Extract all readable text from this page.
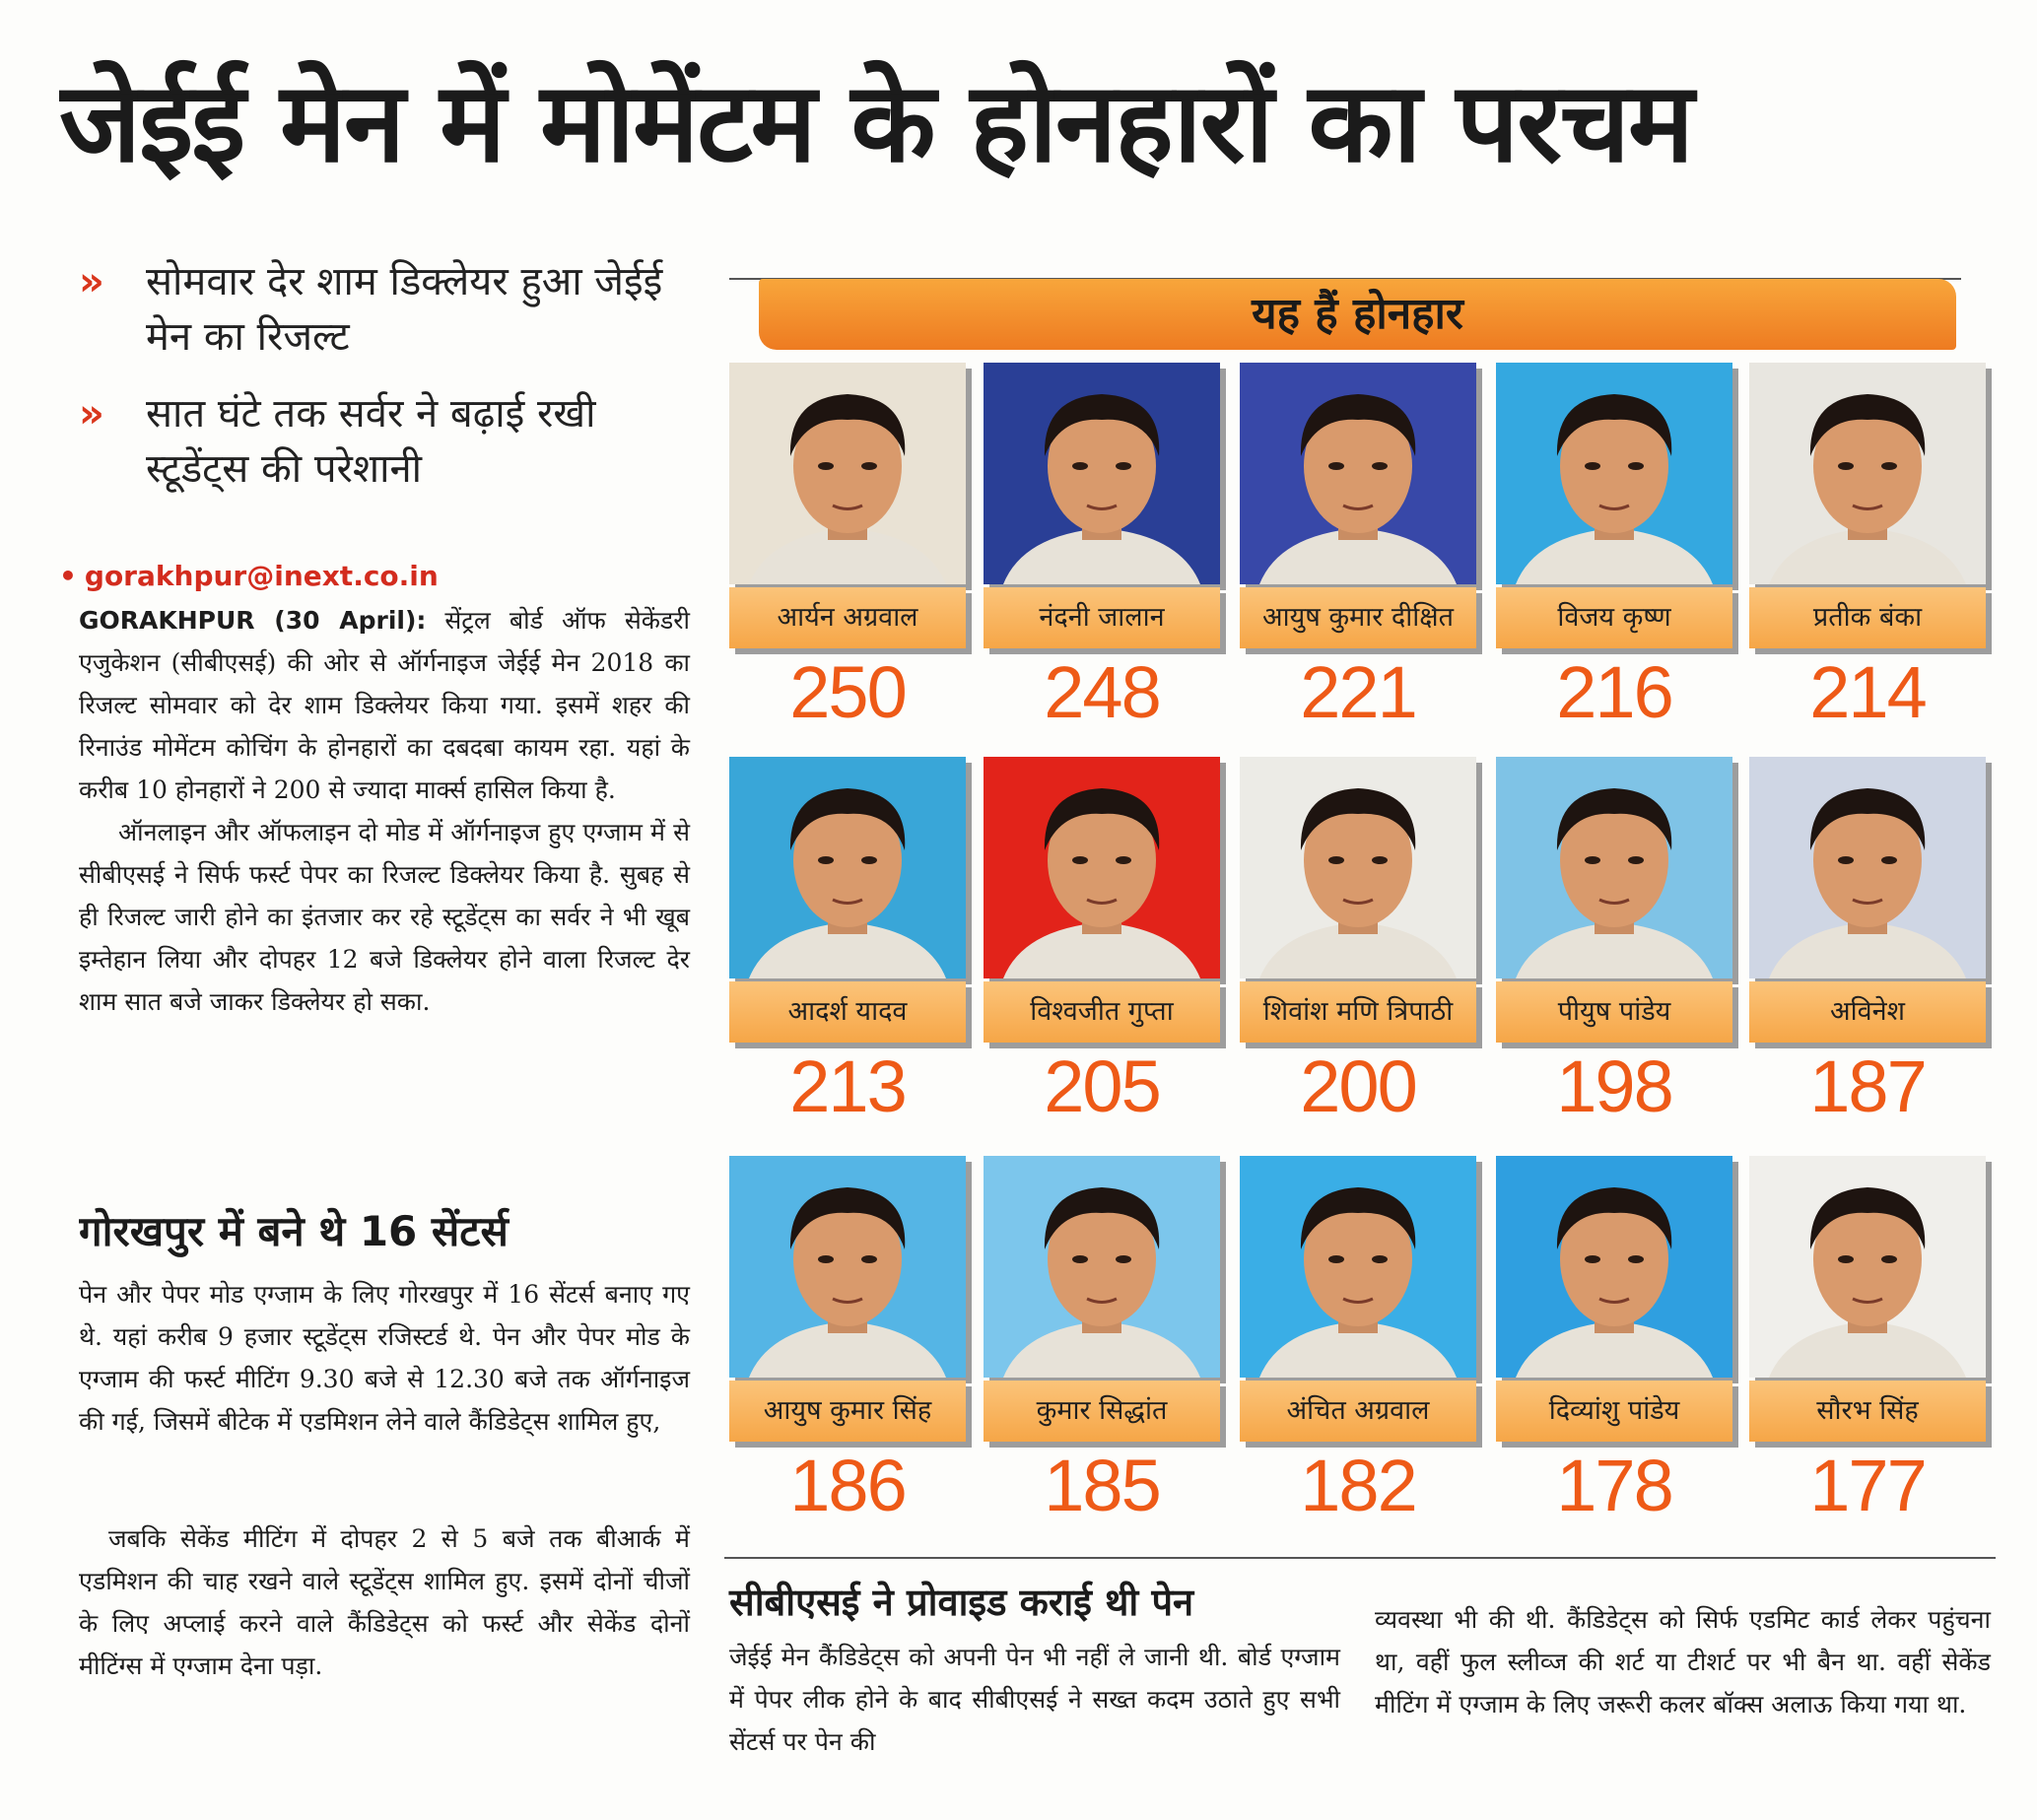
जेईई मेन में मोमेंटम के होनहारों का परचम
» सोमवार देर शाम डिक्लेयर हुआ जेईई मेन का रिजल्ट
» सात घंटे तक सर्वर ने बढ़ाई रखी स्टूडेंट्स की परेशानी
• gorakhpur@inext.co.in

GORAKHPUR (30 April): सेंट्रल बोर्ड ऑफ सेकेंडरी एजुकेशन (सीबीएसई) की ओर से ऑर्गनाइज जेईई मेन 2018 का रिजल्ट सोमवार को देर शाम डिक्लेयर किया गया. इसमें शहर की रिनाउंड मोमेंटम कोचिंग के होनहारों का दबदबा कायम रहा. यहां के करीब 10 होनहारों ने 200 से ज्यादा मार्क्स हासिल किया है.

ऑनलाइन और ऑफलाइन दो मोड में ऑर्गनाइज हुए एग्जाम में से सीबीएसई ने सिर्फ फर्स्ट पेपर का रिजल्ट डिक्लेयर किया है. सुबह से ही रिजल्ट जारी होने का इंतजार कर रहे स्टूडेंट्स का सर्वर ने भी खूब इम्तेहान लिया और दोपहर 12 बजे डिक्लेयर होने वाला रिजल्ट देर शाम सात बजे जाकर डिक्लेयर हो सका.

गोरखपुर में बने थे 16 सेंटर्स
पेन और पेपर मोड एग्जाम के लिए गोरखपुर में 16 सेंटर्स बनाए गए थे. यहां करीब 9 हजार स्टूडेंट्स रजिस्टर्ड थे. पेन और पेपर मोड के एग्जाम की फर्स्ट मीटिंग 9.30 बजे से 12.30 बजे तक ऑर्गनाइज की गई, जिसमें बीटेक में एडमिशन लेने वाले कैंडिडेट्स शामिल हुए,
जबकि सेकेंड मीटिंग में दोपहर 2 से 5 बजे तक बीआर्क में एडमिशन की चाह रखने वाले स्टूडेंट्स शामिल हुए. इसमें दोनों चीजों के लिए अप्लाई करने वाले कैंडिडेट्स को फर्स्ट और सेकेंड दोनों मीटिंग्स में एग्जाम देना पड़ा.
यह हैं होनहार
आर्यन अग्रवाल
250
नंदनी जालान
248
आयुष कुमार दीक्षित
221
विजय कृष्ण
216
प्रतीक बंका
214
आदर्श यादव
213
विश्वजीत गुप्ता
205
शिवांश मणि त्रिपाठी
200
पीयुष पांडेय
198
अविनेश
187
आयुष कुमार सिंह
186
कुमार सिद्धांत
185
अंचित अग्रवाल
182
दिव्यांशु पांडेय
178
सौरभ सिंह
177
सीबीएसई ने प्रोवाइड कराई थी पेन
जेईई मेन कैंडिडेट्स को अपनी पेन भी नहीं ले जानी थी. बोर्ड एग्जाम में पेपर लीक होने के बाद सीबीएसई ने सख्त कदम उठाते हुए सभी सेंटर्स पर पेन की
व्यवस्था भी की थी. कैंडिडेट्स को सिर्फ एडमिट कार्ड लेकर पहुंचना था, वहीं फुल स्लीव्ज की शर्ट या टीशर्ट पर भी बैन था. वहीं सेकेंड मीटिंग में एग्जाम के लिए जरूरी कलर बॉक्स अलाऊ किया गया था.
